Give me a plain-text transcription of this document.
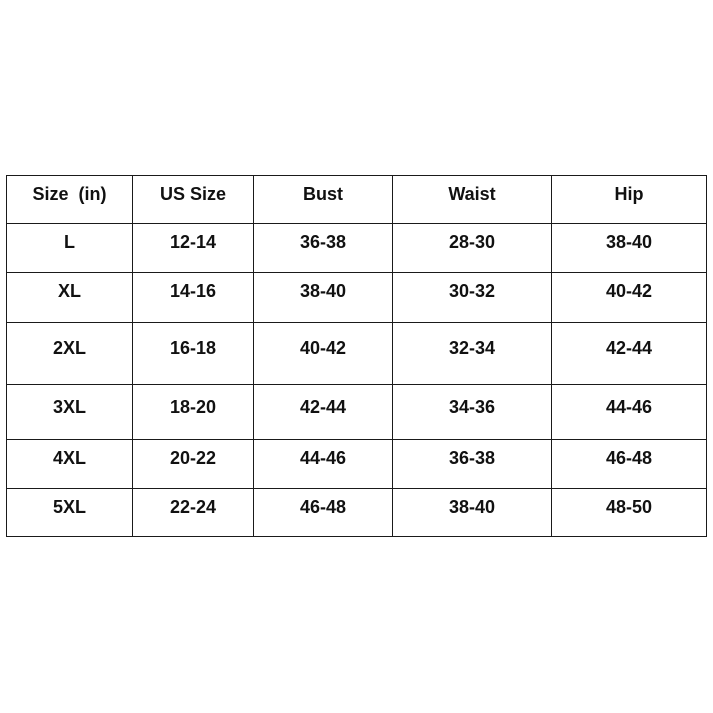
Size  (in)	US Size	Bust	Waist	Hip
L	12-14	36-38	28-30	38-40
XL	14-16	38-40	30-32	40-42
2XL	16-18	40-42	32-34	42-44
3XL	18-20	42-44	34-36	44-46
4XL	20-22	44-46	36-38	46-48
5XL	22-24	46-48	38-40	48-50
